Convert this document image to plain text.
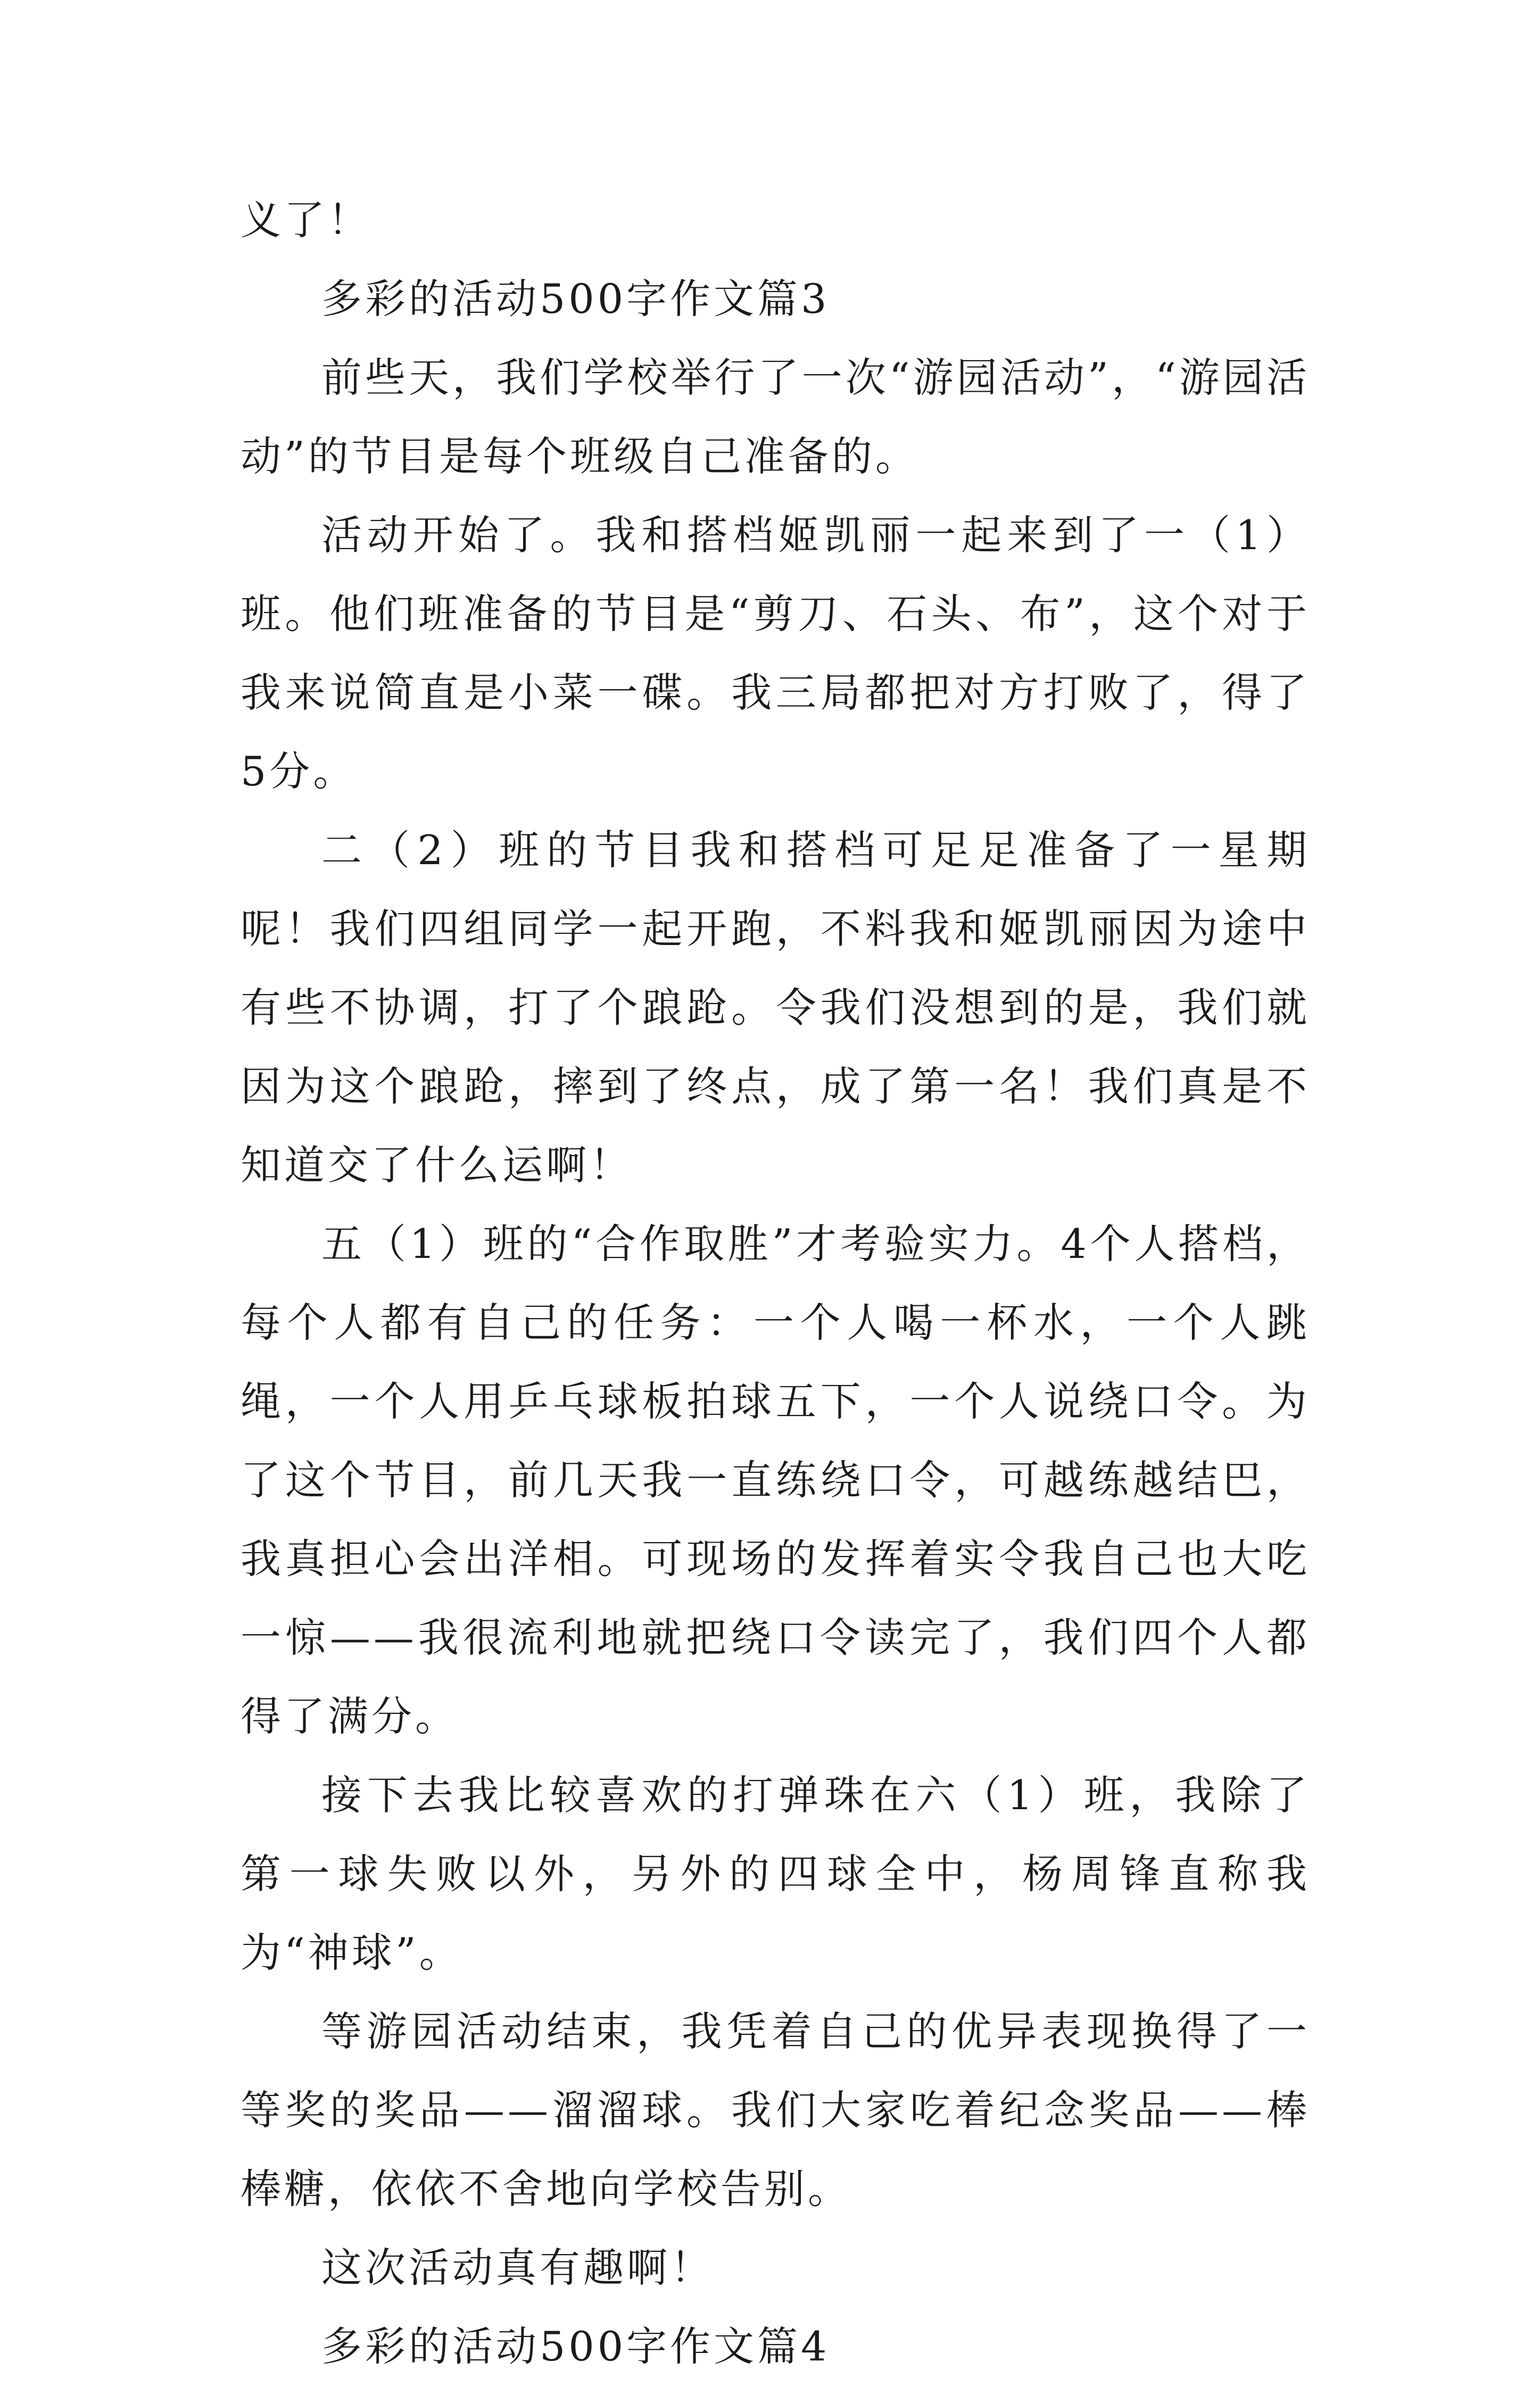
义了！

多彩的活动500字作文篇3

前些天，我们学校举行了一次“游园活动”，“游园活动”的节目是每个班级自己准备的。

活动开始了。我和搭档姬凯丽一起来到了一（1）班。他们班准备的节目是“剪刀、石头、布”，这个对于我来说简直是小菜一碟。我三局都把对方打败了，得了5分。

二（2）班的节目我和搭档可足足准备了一星期呢！我们四组同学一起开跑，不料我和姬凯丽因为途中有些不协调，打了个踉跄。令我们没想到的是，我们就因为这个踉跄，摔到了终点，成了第一名！我们真是不知道交了什么运啊！

五（1）班的“合作取胜”才考验实力。4个人搭档，每个人都有自己的任务：一个人喝一杯水，一个人跳绳，一个人用乒乓球板拍球五下，一个人说绕口令。为了这个节目，前几天我一直练绕口令，可越练越结巴，我真担心会出洋相。可现场的发挥着实令我自己也大吃一惊——我很流利地就把绕口令读完了，我们四个人都得了满分。

接下去我比较喜欢的打弹珠在六（1）班，我除了第一球失败以外，另外的四球全中，杨周锋直称我为“神球”。

等游园活动结束，我凭着自己的优异表现换得了一等奖的奖品——溜溜球。我们大家吃着纪念奖品——棒棒糖，依依不舍地向学校告别。

这次活动真有趣啊！

多彩的活动500字作文篇4
